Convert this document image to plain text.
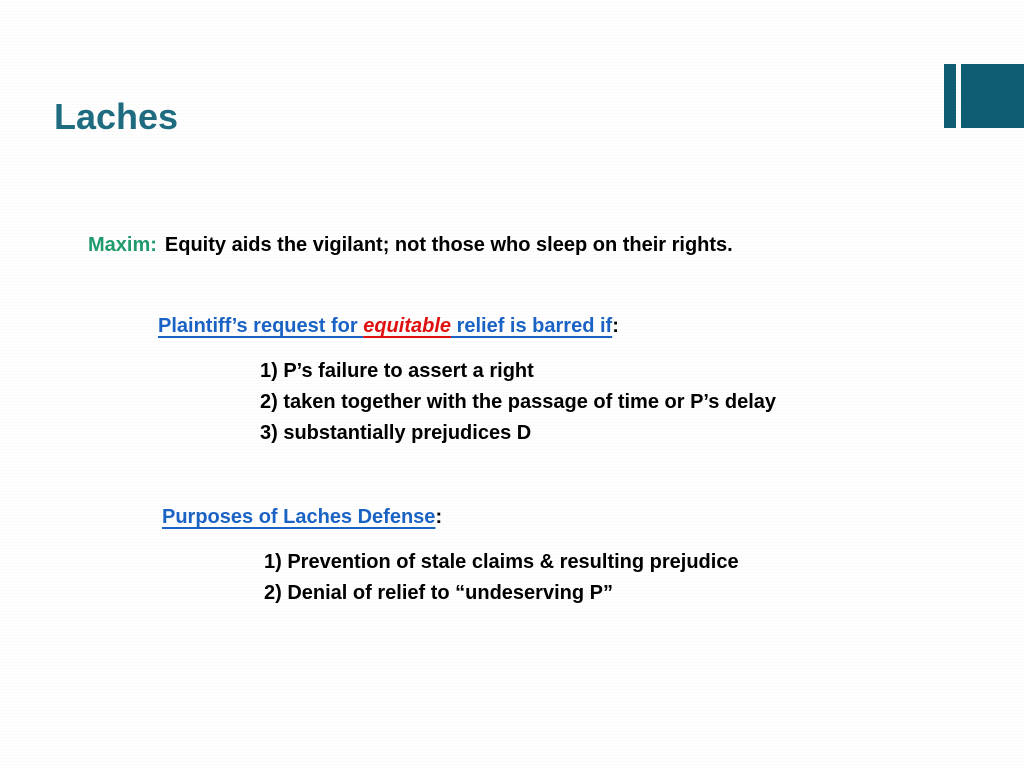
Laches
Maxim: Equity aids the vigilant; not those who sleep on their rights.
Plaintiff’s request for equitable relief is barred if:
1) P’s failure to assert a right
2) taken together with the passage of time or P’s delay
3) substantially prejudices D
Purposes of Laches Defense:
1) Prevention of stale claims & resulting prejudice
2) Denial of relief to “undeserving P”
